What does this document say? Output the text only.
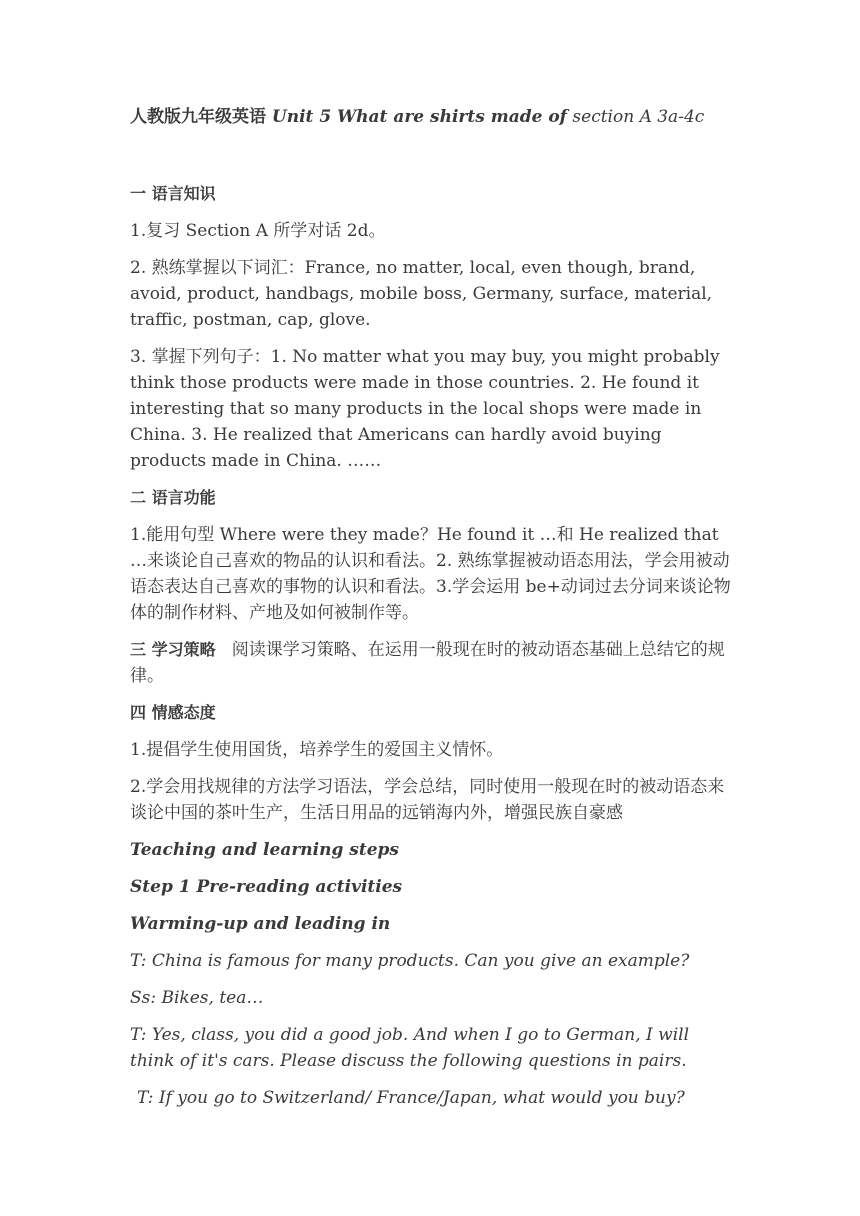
人教版九年级英语 Unit 5 What are shirts made of section A 3a-4c

一 语言知识

1.复习 Section A 所学对话 2d。

2. 熟练掌握以下词汇：France, no matter, local, even though, brand, avoid, product, handbags, mobile boss, Germany, surface, material, traffic, postman, cap, glove.

3. 掌握下列句子：1. No matter what you may buy, you might probably think those products were made in those countries. 2. He found it interesting that so many products in the local shops were made in China. 3. He realized that Americans can hardly avoid buying products made in China. ……

二 语言功能

1.能用句型 Where were they made？He found it …和 He realized that …来谈论自己喜欢的物品的认识和看法。2. 熟练掌握被动语态用法，学会用被动语态表达自己喜欢的事物的认识和看法。3.学会运用 be+动词过去分词来谈论物体的制作材料、产地及如何被制作等。

三 学习策略 阅读课学习策略、在运用一般现在时的被动语态基础上总结它的规律。

四 情感态度

1.提倡学生使用国货，培养学生的爱国主义情怀。

2.学会用找规律的方法学习语法，学会总结，同时使用一般现在时的被动语态来谈论中国的茶叶生产，生活日用品的远销海内外，增强民族自豪感

Teaching and learning steps

Step 1 Pre-reading activities

Warming-up and leading in

T: China is famous for many products. Can you give an example?

Ss: Bikes, tea…

T: Yes, class, you did a good job. And when I go to German, I will think of it's cars. Please discuss the following questions in pairs.

T: If you go to Switzerland/ France/Japan, what would you buy?
